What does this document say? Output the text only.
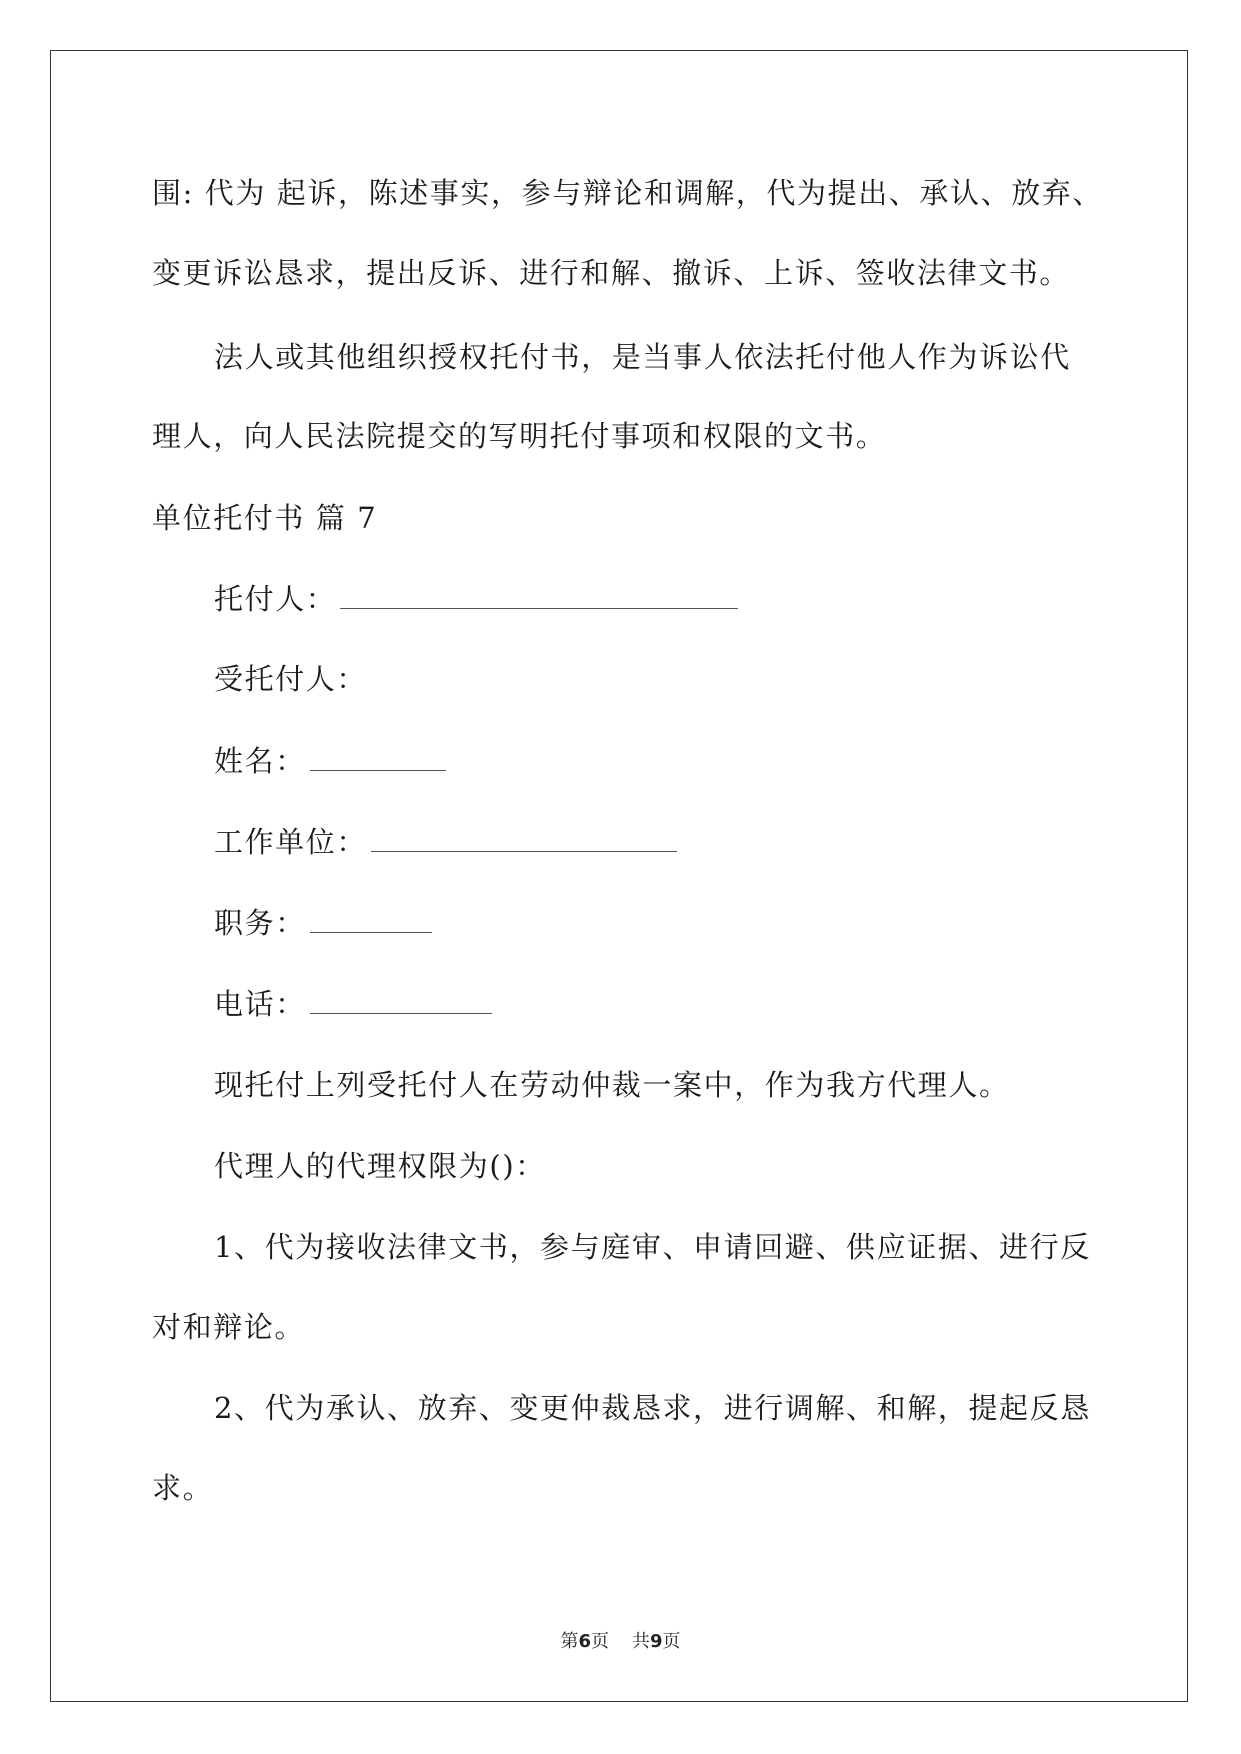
围: 代为 起诉，陈述事实，参与辩论和调解，代为提出、承认、放弃、
变更诉讼恳求，提出反诉、进行和解、撤诉、上诉、签收法律文书。
法人或其他组织授权托付书，是当事人依法托付他人作为诉讼代
理人，向人民法院提交的写明托付事项和权限的文书。
单位托付书 篇 7
托付人：
受托付人：
姓名：
工作单位：
职务：
电话：
现托付上列受托付人在劳动仲裁一案中，作为我方代理人。
代理人的代理权限为()：
1、代为接收法律文书，参与庭审、申请回避、供应证据、进行反
对和辩论。
2、代为承认、放弃、变更仲裁恳求，进行调解、和解，提起反恳
求。
第6页    共9页
